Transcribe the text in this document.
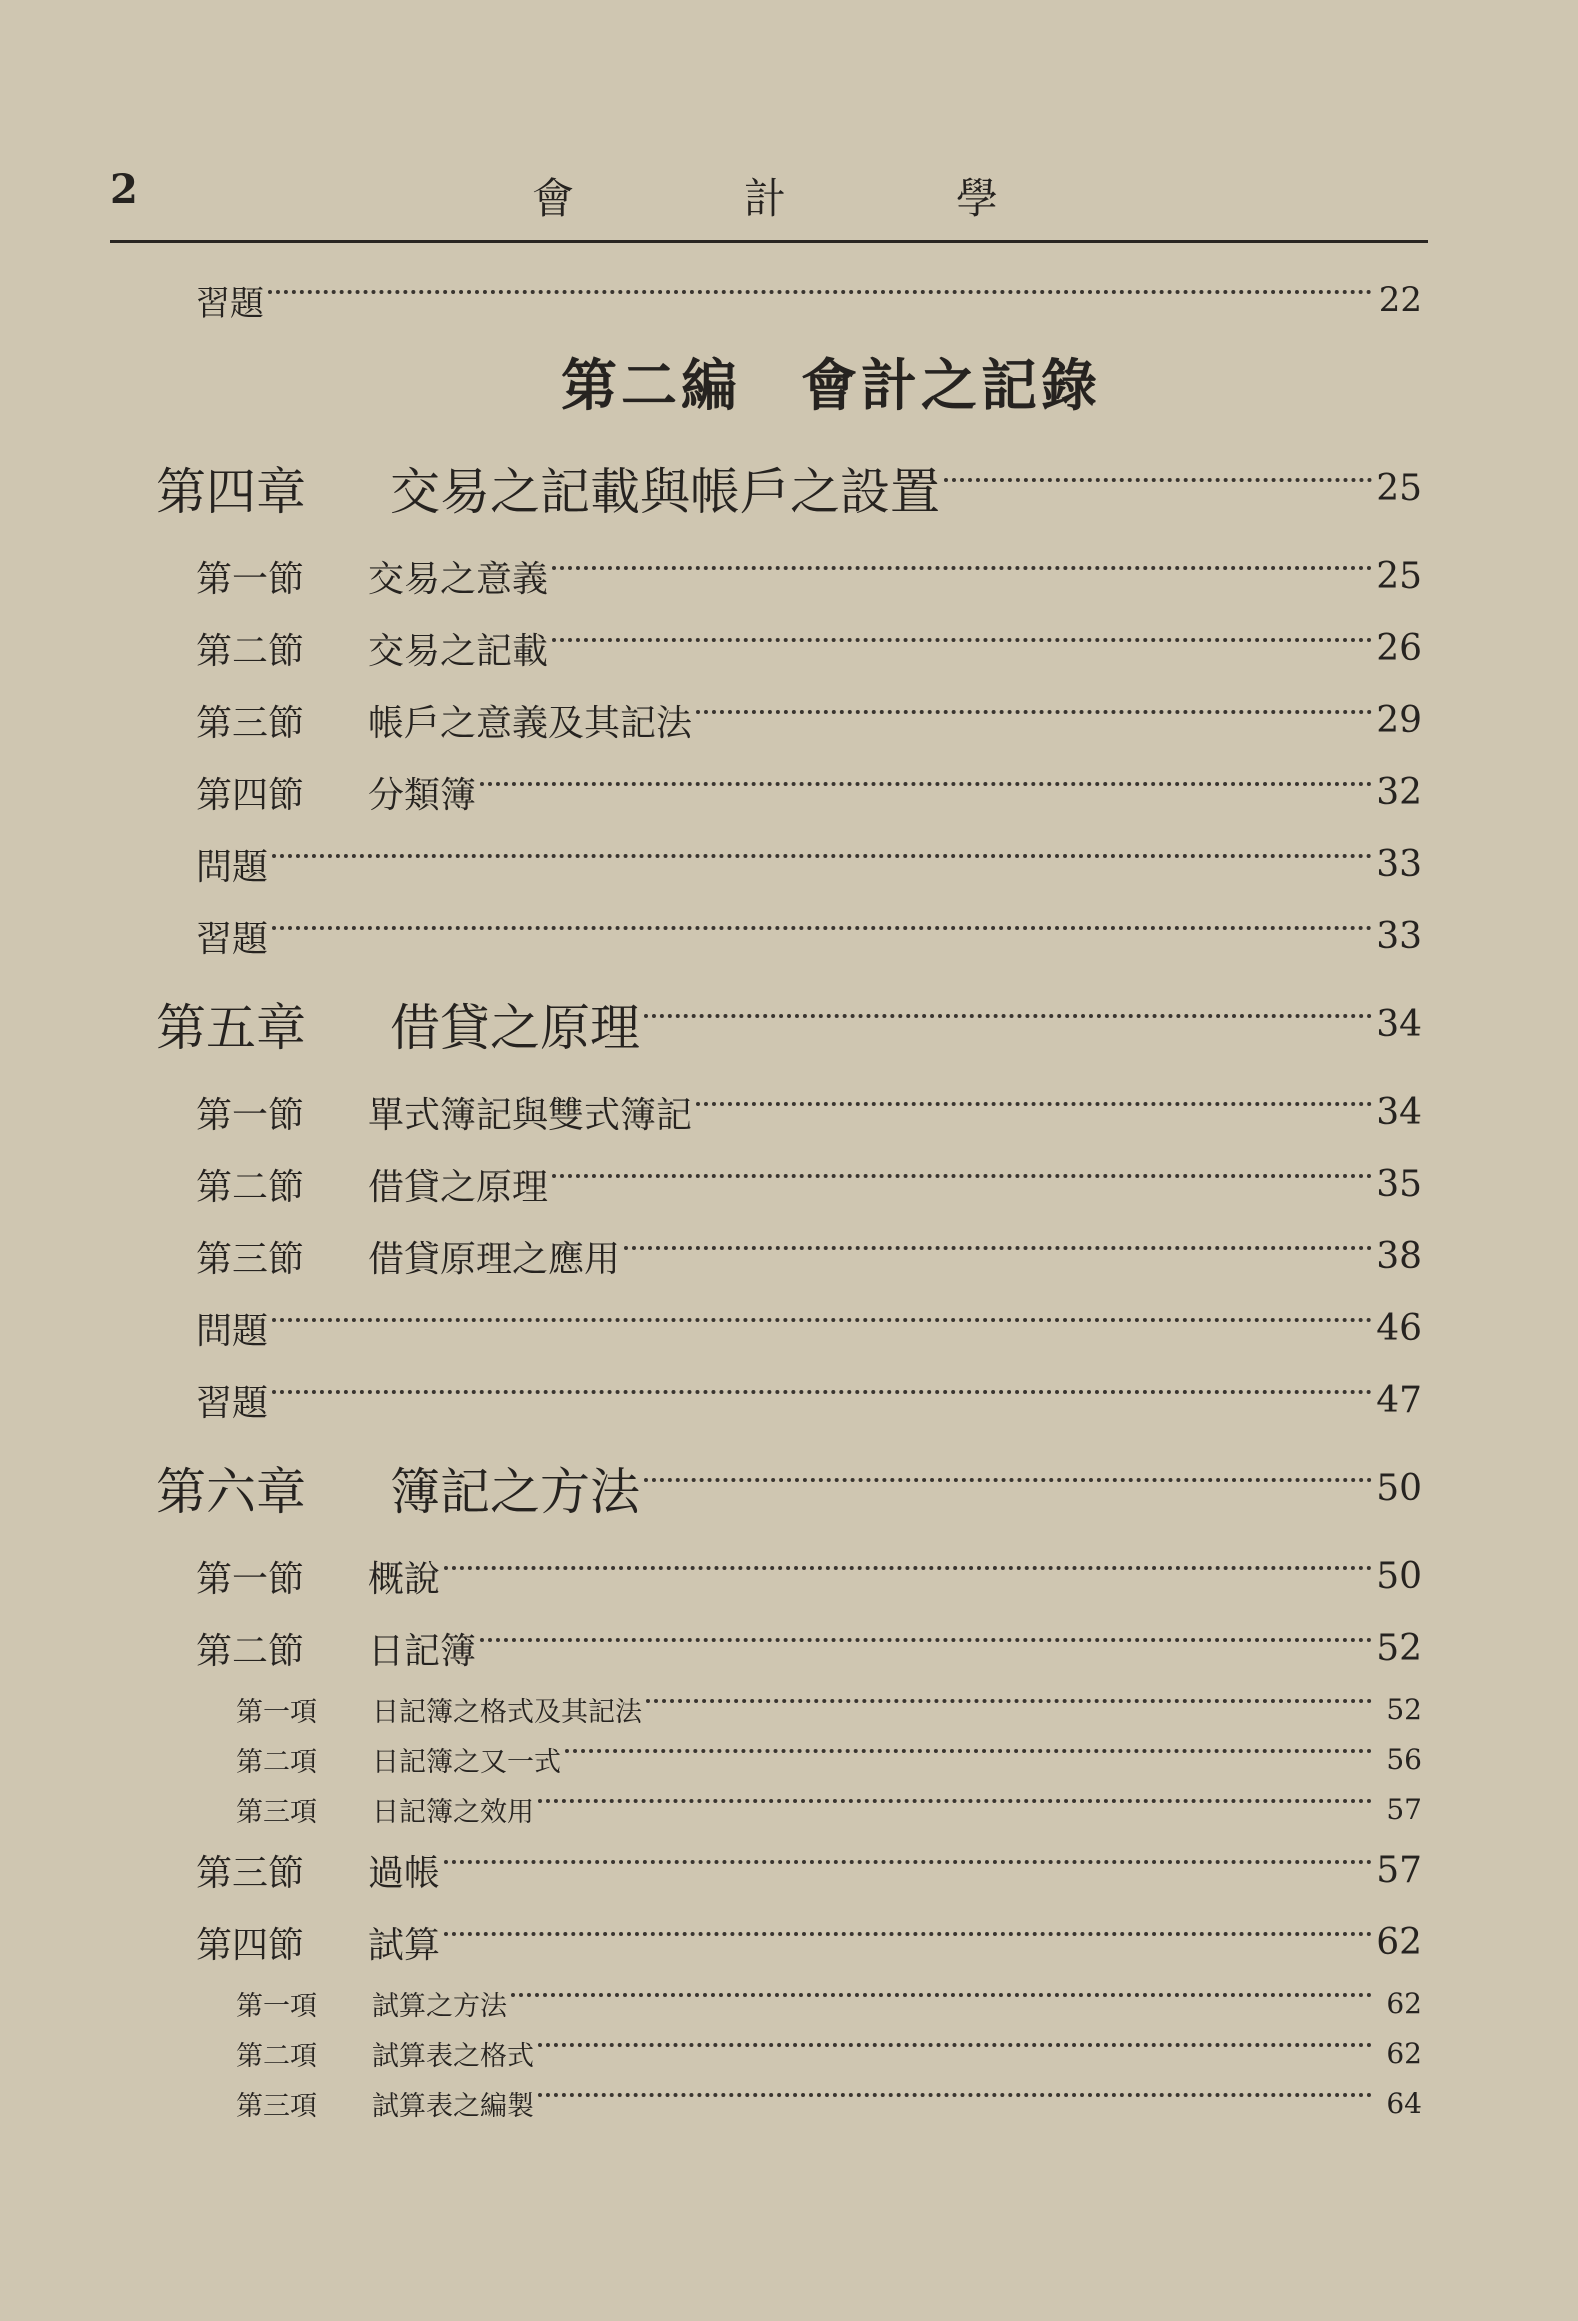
2	會計學
習題	22
第二編 會計之記錄
第四章	交易之記載與帳戶之設置	25
第一節	交易之意義	25
第二節	交易之記載	26
第三節	帳戶之意義及其記法	29
第四節	分類簿	32
問題	33
習題	33
第五章	借貸之原理	34
第一節	單式簿記與雙式簿記	34
第二節	借貸之原理	35
第三節	借貸原理之應用	38
問題	46
習題	47
第六章	簿記之方法	50
第一節	概說	50
第二節	日記簿	52
第一項	日記簿之格式及其記法	52
第二項	日記簿之又一式	56
第三項	日記簿之效用	57
第三節	過帳	57
第四節	試算	62
第一項	試算之方法	62
第二項	試算表之格式	62
第三項	試算表之編製	64
